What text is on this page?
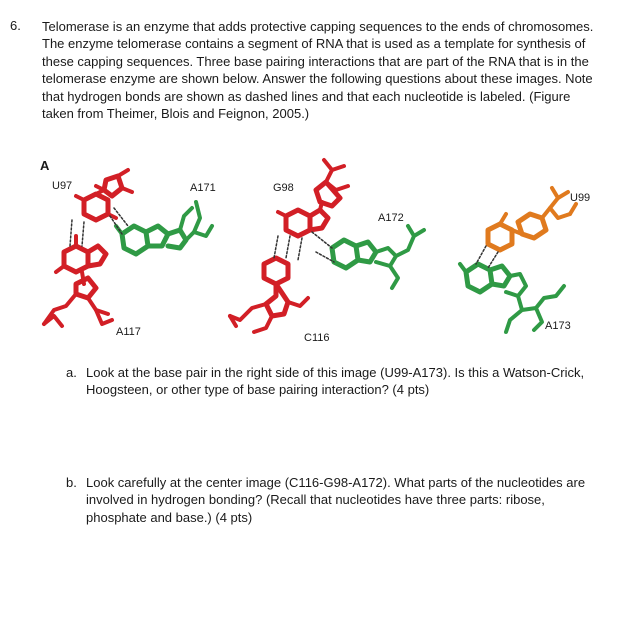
6. Telomerase is an enzyme that adds protective capping sequences to the ends of chromosomes. The enzyme telomerase contains a segment of RNA that is used as a template for synthesis of these capping sequences. Three base pairing interactions that are part of the RNA that is in the telomerase enzyme are shown below. Answer the following questions about these images. Note that hydrogen bonds are shown as dashed lines and that each nucleotide is labeled. (Figure taken from Theimer, Blois and Feignon, 2005.)
A
U97	A171	G98
U99
A172
A117	C116
A173
a. Look at the base pair in the right side of this image (U99-A173). Is this a Watson-Crick, Hoogsteen, or other type of base pairing interaction? (4 pts)
b. Look carefully at the center image (C116-G98-A172). What parts of the nucleotides are involved in hydrogen bonding? (Recall that nucleotides have three parts: ribose, phosphate and base.) (4 pts)
